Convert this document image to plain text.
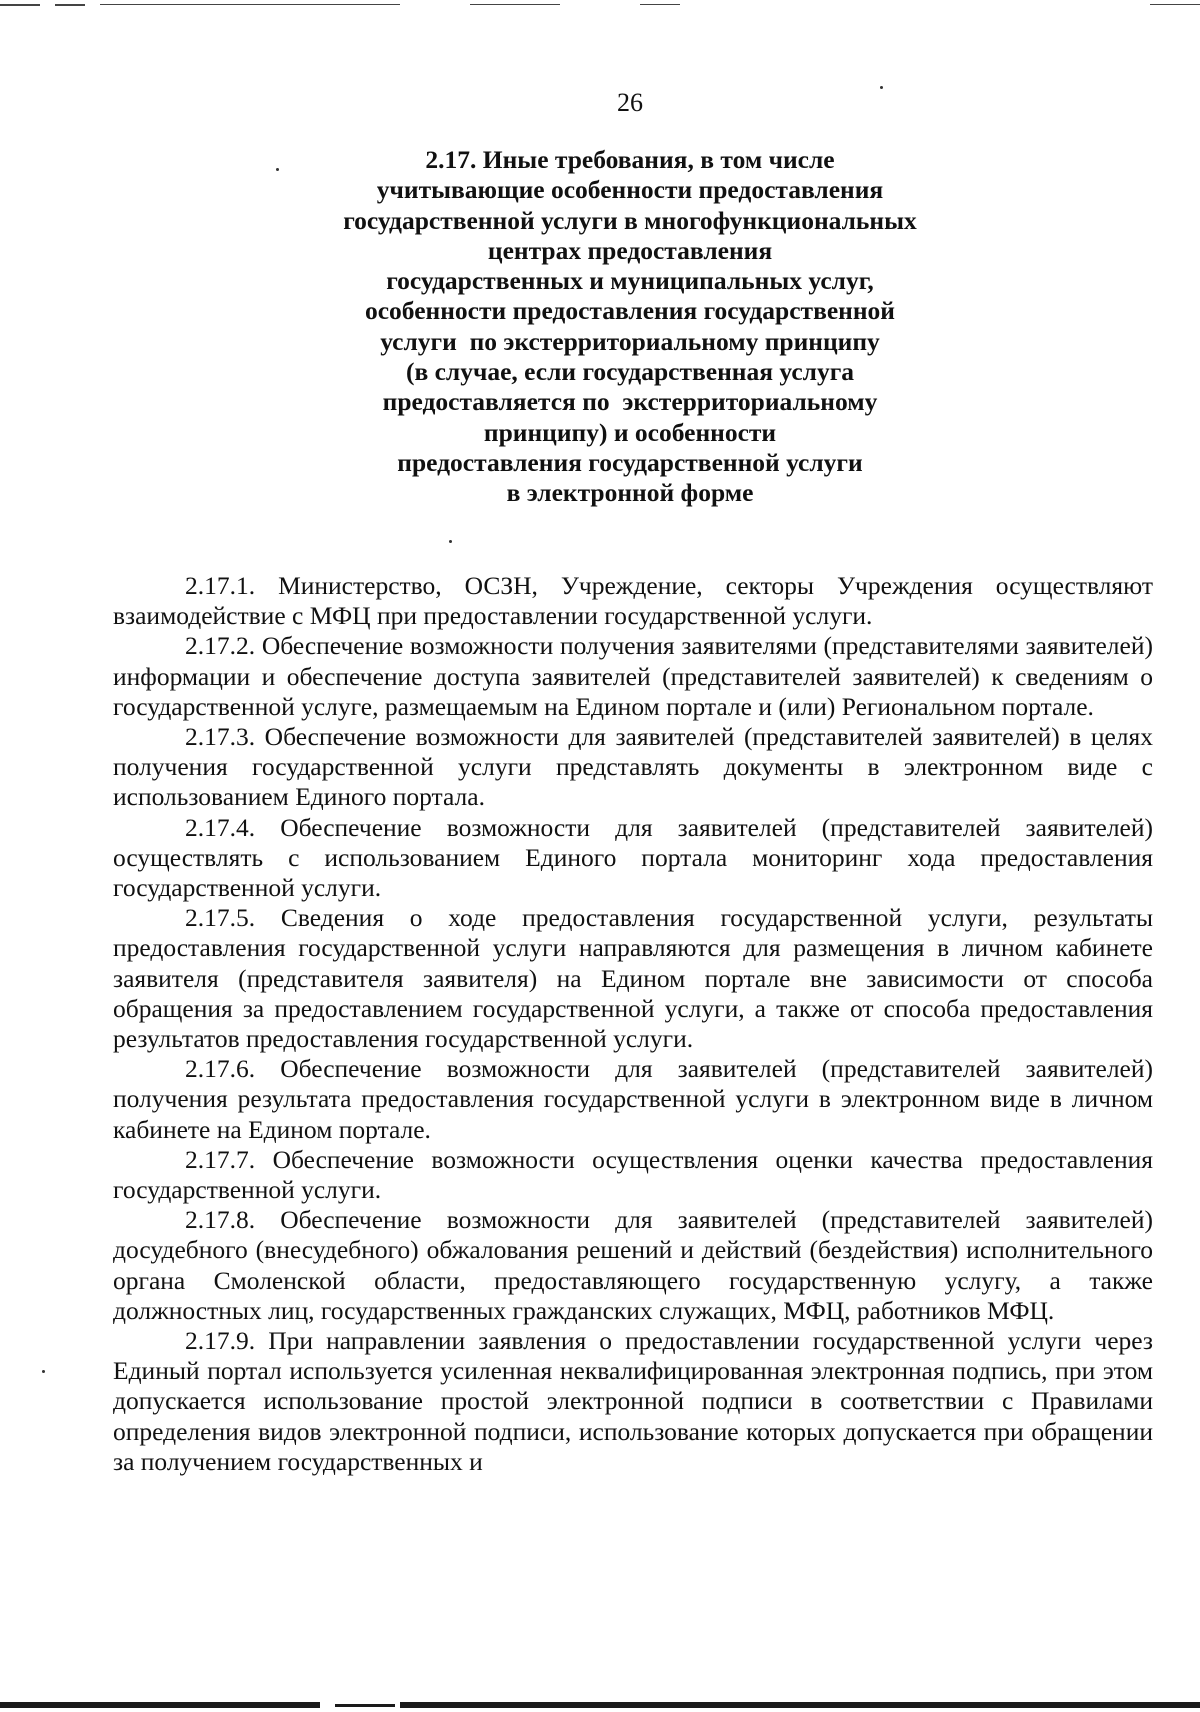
26
2.17. Иные требования, в том числе
учитывающие особенности предоставления
государственной услуги в многофункциональных
центрах предоставления
государственных и муниципальных услуг,
особенности предоставления государственной
услуги  по экстерриториальному принципу
(в случае, если государственная услуга
предоставляется по  экстерриториальному
принципу) и особенности
предоставления государственной услуги
в электронной форме

2.17.1. Министерство, ОСЗН, Учреждение, секторы Учреждения осуществляют взаимодействие с МФЦ при предоставлении государственной услуги.

2.17.2. Обеспечение возможности получения заявителями (представителями заявителей) информации и обеспечение доступа заявителей (представителей заявителей) к сведениям о государственной услуге, размещаемым на Едином портале и (или) Региональном портале.

2.17.3. Обеспечение возможности для заявителей (представителей заявителей) в целях получения государственной услуги представлять документы в электронном виде с использованием Единого портала.

2.17.4. Обеспечение возможности для заявителей (представителей заявителей) осуществлять с использованием Единого портала мониторинг хода предоставления государственной услуги.

2.17.5. Сведения о ходе предоставления государственной услуги, результаты предоставления государственной услуги направляются для размещения в личном кабинете заявителя (представителя заявителя) на Едином портале вне зависимости от способа обращения за предоставлением государственной услуги, а также от способа предоставления результатов предоставления государственной услуги.

2.17.6. Обеспечение возможности для заявителей (представителей заявителей) получения результата предоставления государственной услуги в электронном виде в личном кабинете на Едином портале.

2.17.7. Обеспечение возможности осуществления оценки качества предоставления государственной услуги.

2.17.8. Обеспечение возможности для заявителей (представителей заявителей) досудебного (внесудебного) обжалования решений и действий (бездействия) исполнительного органа Смоленской области, предоставляющего государственную услугу, а также должностных лиц, государственных гражданских служащих, МФЦ, работников МФЦ.

2.17.9. При направлении заявления о предоставлении государственной услуги через Единый портал используется усиленная неквалифицированная электронная подпись, при этом допускается использование простой электронной подписи в соответствии с Правилами определения видов электронной подписи, использование которых допускается при обращении за получением государственных и
